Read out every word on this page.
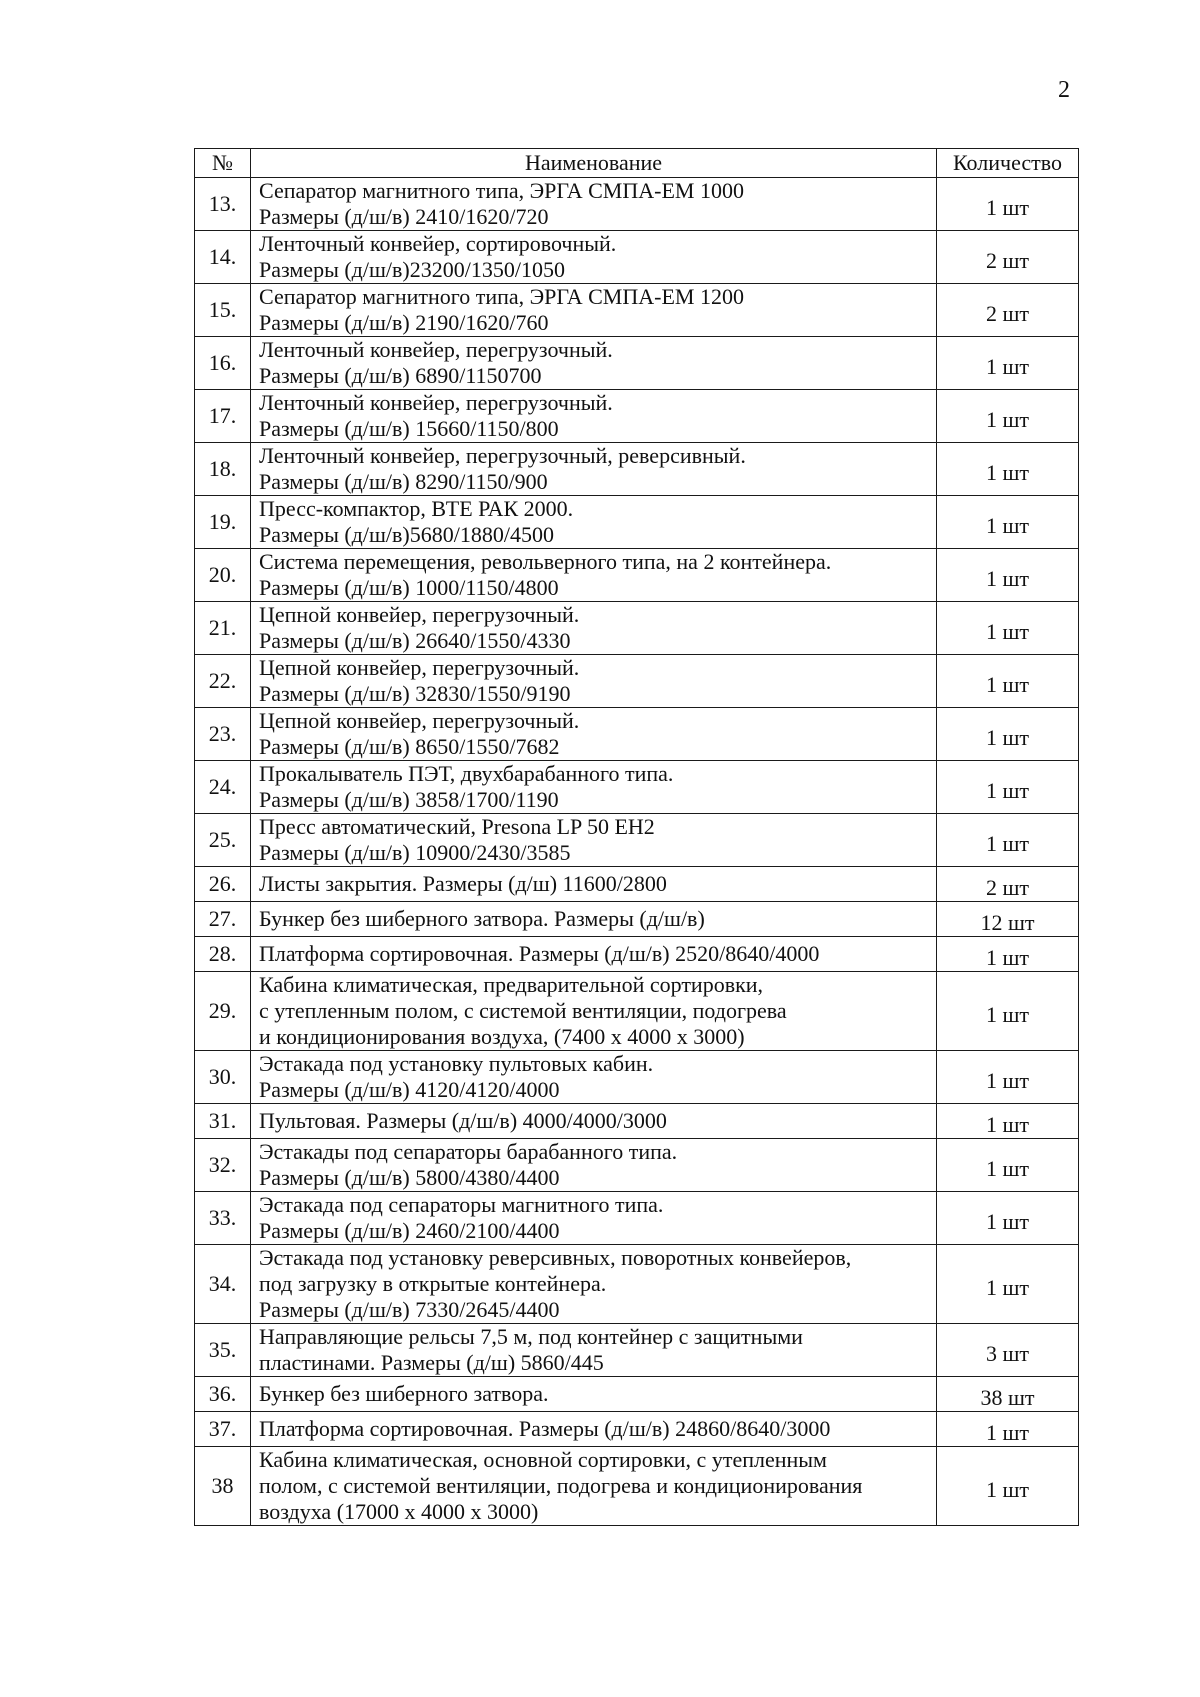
2
№	Наименование	Количество
13.	Сепаратор магнитного типа, ЭРГА СМПА-ЕМ 1000
Размеры (д/ш/в) 2410/1620/720	1 шт
14.	Ленточный конвейер, сортировочный.
Размеры (д/ш/в)23200/1350/1050	2 шт
15.	Сепаратор магнитного типа, ЭРГА СМПА-ЕМ 1200
Размеры (д/ш/в) 2190/1620/760	2 шт
16.	Ленточный конвейер, перегрузочный.
Размеры (д/ш/в) 6890/1150700	1 шт
17.	Ленточный конвейер, перегрузочный.
Размеры (д/ш/в) 15660/1150/800	1 шт
18.	Ленточный конвейер, перегрузочный, реверсивный.
Размеры (д/ш/в) 8290/1150/900	1 шт
19.	Пресс-компактор, ВТЕ РАК 2000.
Размеры (д/ш/в)5680/1880/4500	1 шт
20.	Система перемещения, револьверного типа, на 2 контейнера.
Размеры (д/ш/в) 1000/1150/4800	1 шт
21.	Цепной конвейер, перегрузочный.
Размеры (д/ш/в) 26640/1550/4330	1 шт
22.	Цепной конвейер, перегрузочный.
Размеры (д/ш/в) 32830/1550/9190	1 шт
23.	Цепной конвейер, перегрузочный.
Размеры (д/ш/в) 8650/1550/7682	1 шт
24.	Прокалыватель ПЭТ, двухбарабанного типа.
Размеры (д/ш/в) 3858/1700/1190	1 шт
25.	Пресс автоматический, Presona LP 50 ЕН2
Размеры (д/ш/в) 10900/2430/3585	1 шт
26.	Листы закрытия. Размеры (д/ш) 11600/2800	2 шт
27.	Бункер без шиберного затвора. Размеры (д/ш/в)	12 шт
28.	Платформа сортировочная. Размеры (д/ш/в) 2520/8640/4000	1 шт
29.	Кабина климатическая, предварительной сортировки,
с утепленным полом, с системой вентиляции, подогрева
и кондиционирования воздуха, (7400 х 4000 х 3000)	1 шт
30.	Эстакада под установку пультовых кабин.
Размеры (д/ш/в) 4120/4120/4000	1 шт
31.	Пультовая. Размеры (д/ш/в) 4000/4000/3000	1 шт
32.	Эстакады под сепараторы барабанного типа.
Размеры (д/ш/в) 5800/4380/4400	1 шт
33.	Эстакада под сепараторы магнитного типа.
Размеры (д/ш/в) 2460/2100/4400	1 шт
34.	Эстакада под установку реверсивных, поворотных конвейеров,
под загрузку в открытые контейнера.
Размеры (д/ш/в) 7330/2645/4400	1 шт
35.	Направляющие рельсы 7,5 м, под контейнер с защитными
пластинами. Размеры (д/ш) 5860/445	3 шт
36.	Бункер без шиберного затвора.	38 шт
37.	Платформа сортировочная. Размеры (д/ш/в) 24860/8640/3000	1 шт
38	Кабина климатическая, основной сортировки, с утепленным
полом, с системой вентиляции, подогрева и кондиционирования
воздуха (17000 х 4000 х 3000)	1 шт
